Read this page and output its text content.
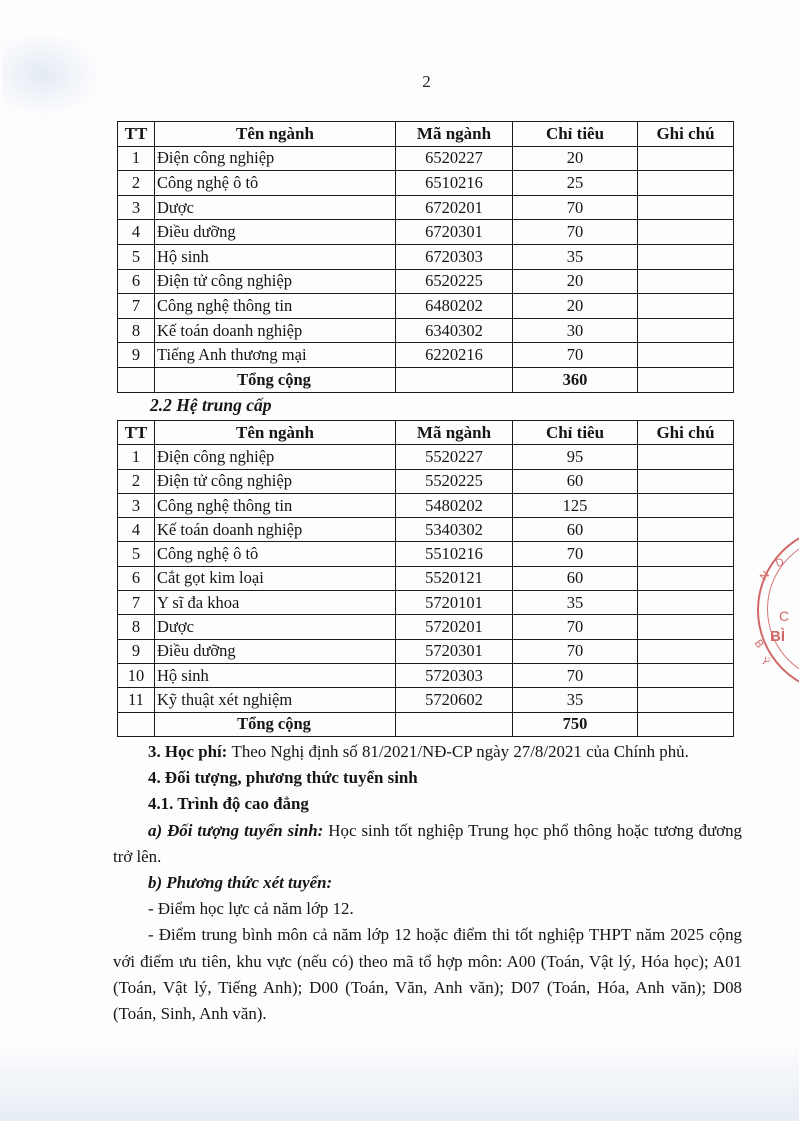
2
TT	Tên ngành	Mã ngành	Chỉ tiêu	Ghi chú
1	Điện công nghiệp	6520227	20	
2	Công nghệ ô tô	6510216	25	
3	Dược	6720201	70	
4	Điều dưỡng	6720301	70	
5	Hộ sinh	6720303	35	
6	Điện tử công nghiệp	6520225	20	
7	Công nghệ thông tin	6480202	20	
8	Kế toán doanh nghiệp	6340302	30	
9	Tiếng Anh thương mại	6220216	70	
	Tổng cộng		360	
2.2 Hệ trung cấp
TT	Tên ngành	Mã ngành	Chỉ tiêu	Ghi chú
1	Điện công nghiệp	5520227	95	
2	Điện tử công nghiệp	5520225	60	
3	Công nghệ thông tin	5480202	125	
4	Kế toán doanh nghiệp	5340302	60	
5	Công nghệ ô tô	5510216	70	
6	Cắt gọt kim loại	5520121	60	
7	Y sĩ đa khoa	5720101	35	
8	Dược	5720201	70	
9	Điều dưỡng	5720301	70	
10	Hộ sinh	5720303	70	
11	Kỹ thuật xét nghiệm	5720602	35	
	Tổng cộng		750	

3. Học phí: Theo Nghị định số 81/2021/NĐ-CP ngày 27/8/2021 của Chính phủ.

4. Đối tượng, phương thức tuyển sinh

4.1. Trình độ cao đẳng

a) Đối tượng tuyển sinh: Học sinh tốt nghiệp Trung học phổ thông hoặc tương đương trở lên.

b) Phương thức xét tuyển:

- Điểm học lực cả năm lớp 12.

- Điểm trung bình môn cả năm lớp 12 hoặc điểm thi tốt nghiệp THPT năm 2025 cộng với điểm ưu tiên, khu vực (nếu có) theo mã tổ hợp môn: A00 (Toán, Vật lý, Hóa học); A01 (Toán, Vật lý, Tiếng Anh); D00 (Toán, Văn, Anh văn); D07 (Toán, Hóa, Anh văn); D08 (Toán, Sinh, Anh văn).

N
D
C
BÌ
B
Ý
